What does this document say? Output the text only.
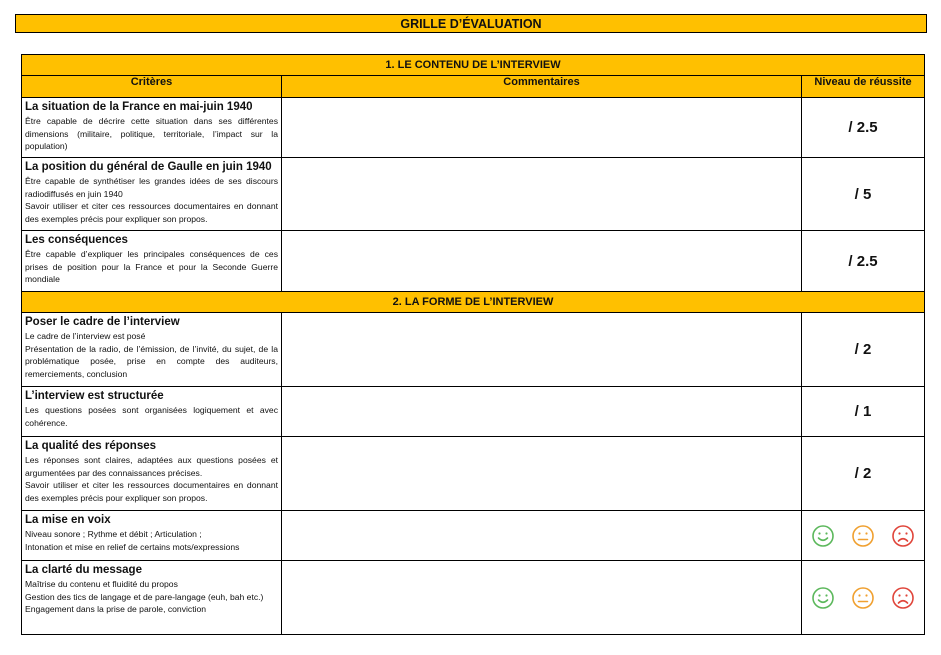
GRILLE D’ÉVALUATION
1. LE CONTENU DE L’INTERVIEW		
Critères	Commentaires	Niveau de réussite

La situation de la France en mai-juin 1940
Être capable de décrire cette situation dans ses différentes dimensions (militaire, politique, territoriale, l’impact sur la population)		/ 2.5

La position du général de Gaulle en juin 1940
Être capable de synthétiser les grandes idées de ses discours radiodiffusés en juin 1940
Savoir utiliser et citer ces ressources documentaires en donnant des exemples précis pour expliquer son propos.		/ 5

Les conséquences
Être capable d’expliquer les principales conséquences de ces prises de position pour la France et pour la Seconde Guerre mondiale		/ 2.5
2. LA FORME DE L’INTERVIEW		

Poser le cadre de l’interview
Le cadre de l’interview est posé
Présentation de la radio, de l’émission, de l’invité, du sujet, de la problématique posée, prise en compte des auditeurs, remerciements, conclusion		/ 2

L’interview est structurée
Les questions posées sont organisées logiquement et avec cohérence.		/ 1

La qualité des réponses
Les réponses sont claires, adaptées aux questions posées et argumentées par des connaissances précises.
Savoir utiliser et citer les ressources documentaires en donnant des exemples précis pour expliquer son propos.		/ 2

La mise en voix
Niveau sonore ; Rythme et débit ; Articulation ;
Intonation et mise en relief de certains mots/expressions

La clarté du message
Maîtrise du contenu et fluidité du propos
Gestion des tics de langage et de pare-langage (euh, bah etc.)
Engagement dans la prise de parole, conviction
